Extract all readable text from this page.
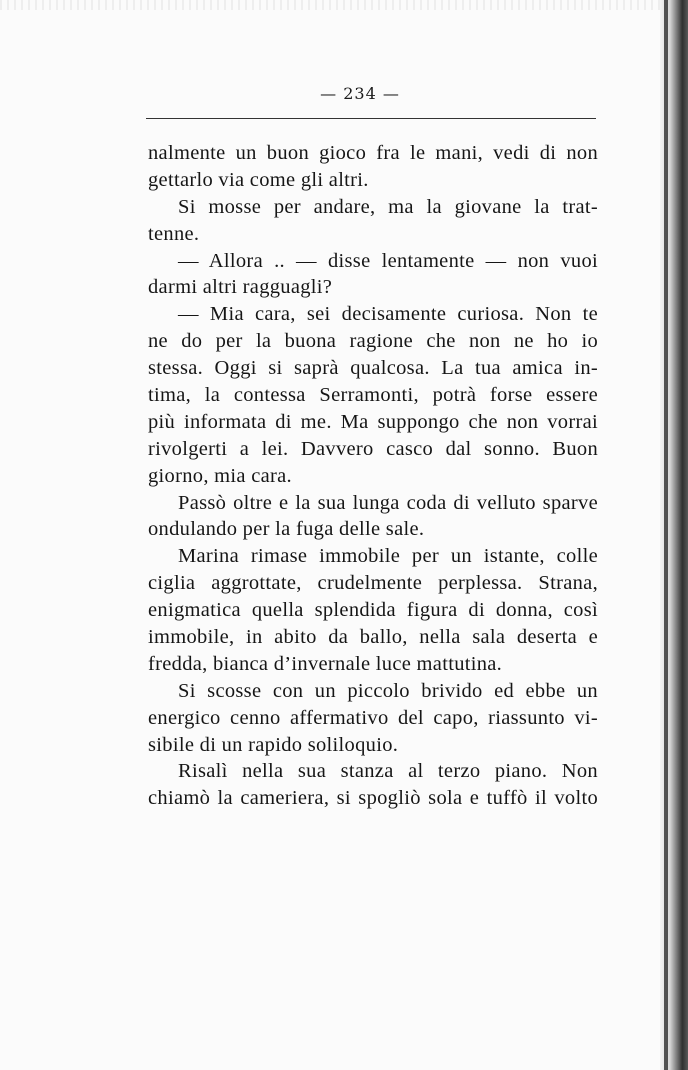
— 234 —
nalmente un buon gioco fra le mani, vedi di non
gettarlo via come gli altri.
Si mosse per andare, ma la giovane la trat-
tenne.
— Allora .. — disse lentamente — non vuoi
darmi altri ragguagli?
— Mia cara, sei decisamente curiosa. Non te
ne do per la buona ragione che non ne ho io
stessa. Oggi si saprà qualcosa. La tua amica in-
tima, la contessa Serramonti, potrà forse essere
più informata di me. Ma suppongo che non vorrai
rivolgerti a lei. Davvero casco dal sonno. Buon
giorno, mia cara.
Passò oltre e la sua lunga coda di velluto sparve
ondulando per la fuga delle sale.
Marina rimase immobile per un istante, colle
ciglia aggrottate, crudelmente perplessa. Strana,
enigmatica quella splendida figura di donna, così
immobile, in abito da ballo, nella sala deserta e
fredda, bianca d’invernale luce mattutina.
Si scosse con un piccolo brivido ed ebbe un
energico cenno affermativo del capo, riassunto vi-
sibile di un rapido soliloquio.
Risalì nella sua stanza al terzo piano. Non
chiamò la cameriera, si spogliò sola e tuffò il volto
